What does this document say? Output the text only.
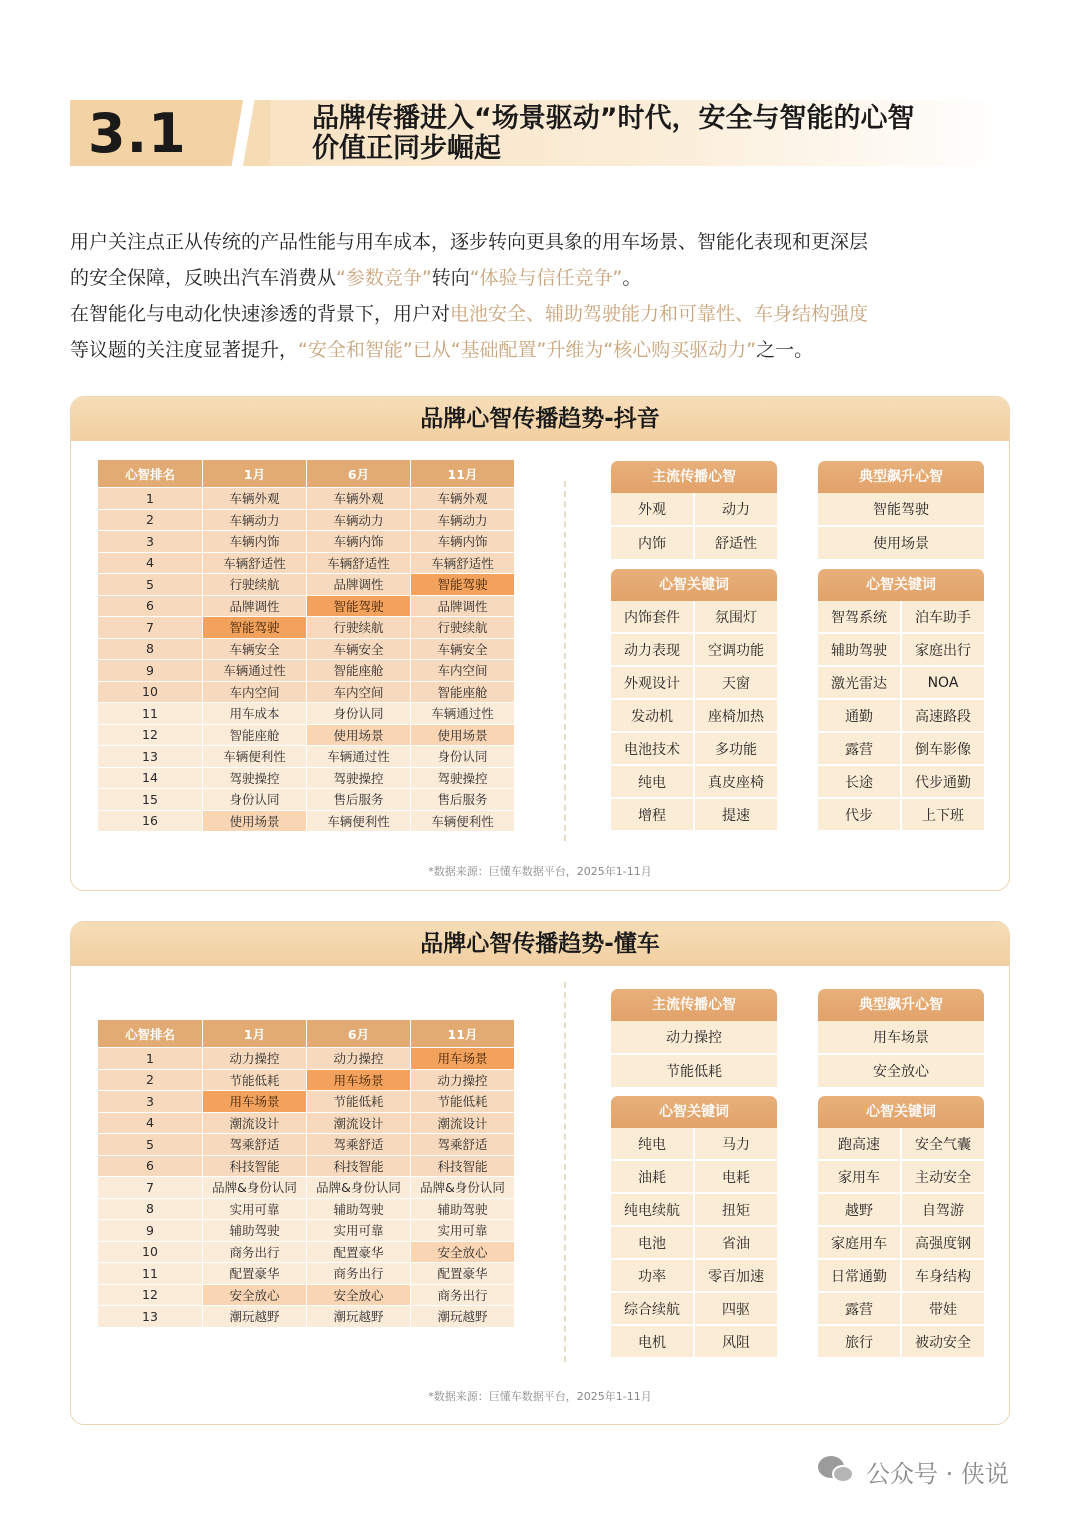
3.1	品牌传播进入“场景驱动”时代，安全与智能的心智
价值正同步崛起

用户关注点正从传统的产品性能与用车成本，逐步转向更具象的用车场景、智能化表现和更深层

的安全保障，反映出汽车消费从“参数竞争”转向“体验与信任竞争”。

在智能化与电动化快速渗透的背景下，用户对电池安全、辅助驾驶能力和可靠性、车身结构强度

等议题的关注度显著提升，“安全和智能”已从“基础配置”升维为“核心购买驱动力”之一。

品牌心智传播趋势-抖音
心智排名	1月	6月	11月
1	车辆外观	车辆外观	车辆外观
2	车辆动力	车辆动力	车辆动力
3	车辆内饰	车辆内饰	车辆内饰
4	车辆舒适性	车辆舒适性	车辆舒适性
5	行驶续航	品牌调性	智能驾驶
6	品牌调性	智能驾驶	品牌调性
7	智能驾驶	行驶续航	行驶续航
8	车辆安全	车辆安全	车辆安全
9	车辆通过性	智能座舱	车内空间
10	车内空间	车内空间	智能座舱
11	用车成本	身份认同	车辆通过性
12	智能座舱	使用场景	使用场景
13	车辆便利性	车辆通过性	身份认同
14	驾驶操控	驾驶操控	驾驶操控
15	身份认同	售后服务	售后服务
16	使用场景	车辆便利性	车辆便利性
主流传播心智
外观	动力
内饰	舒适性
典型飙升心智
智能驾驶
使用场景
心智关键词
内饰套件	氛围灯
动力表现	空调功能
外观设计	天窗
发动机	座椅加热
电池技术	多功能
纯电	真皮座椅
增程	提速
心智关键词
智驾系统	泊车助手
辅助驾驶	家庭出行
激光雷达	NOA
通勤	高速路段
露营	倒车影像
长途	代步通勤
代步	上下班
*数据来源：巨懂车数据平台，2025年1-11月
品牌心智传播趋势-懂车
心智排名	1月	6月	11月
1	动力操控	动力操控	用车场景
2	节能低耗	用车场景	动力操控
3	用车场景	节能低耗	节能低耗
4	潮流设计	潮流设计	潮流设计
5	驾乘舒适	驾乘舒适	驾乘舒适
6	科技智能	科技智能	科技智能
7	品牌&身份认同	品牌&身份认同	品牌&身份认同
8	实用可靠	辅助驾驶	辅助驾驶
9	辅助驾驶	实用可靠	实用可靠
10	商务出行	配置豪华	安全放心
11	配置豪华	商务出行	配置豪华
12	安全放心	安全放心	商务出行
13	潮玩越野	潮玩越野	潮玩越野
主流传播心智
动力操控
节能低耗
典型飙升心智
用车场景
安全放心
心智关键词
纯电	马力
油耗	电耗
纯电续航	扭矩
电池	省油
功率	零百加速
综合续航	四驱
电机	风阻
心智关键词
跑高速	安全气囊
家用车	主动安全
越野	自驾游
家庭用车	高强度钢
日常通勤	车身结构
露营	带娃
旅行	被动安全
*数据来源：巨懂车数据平台，2025年1-11月
公众号 · 侠说
